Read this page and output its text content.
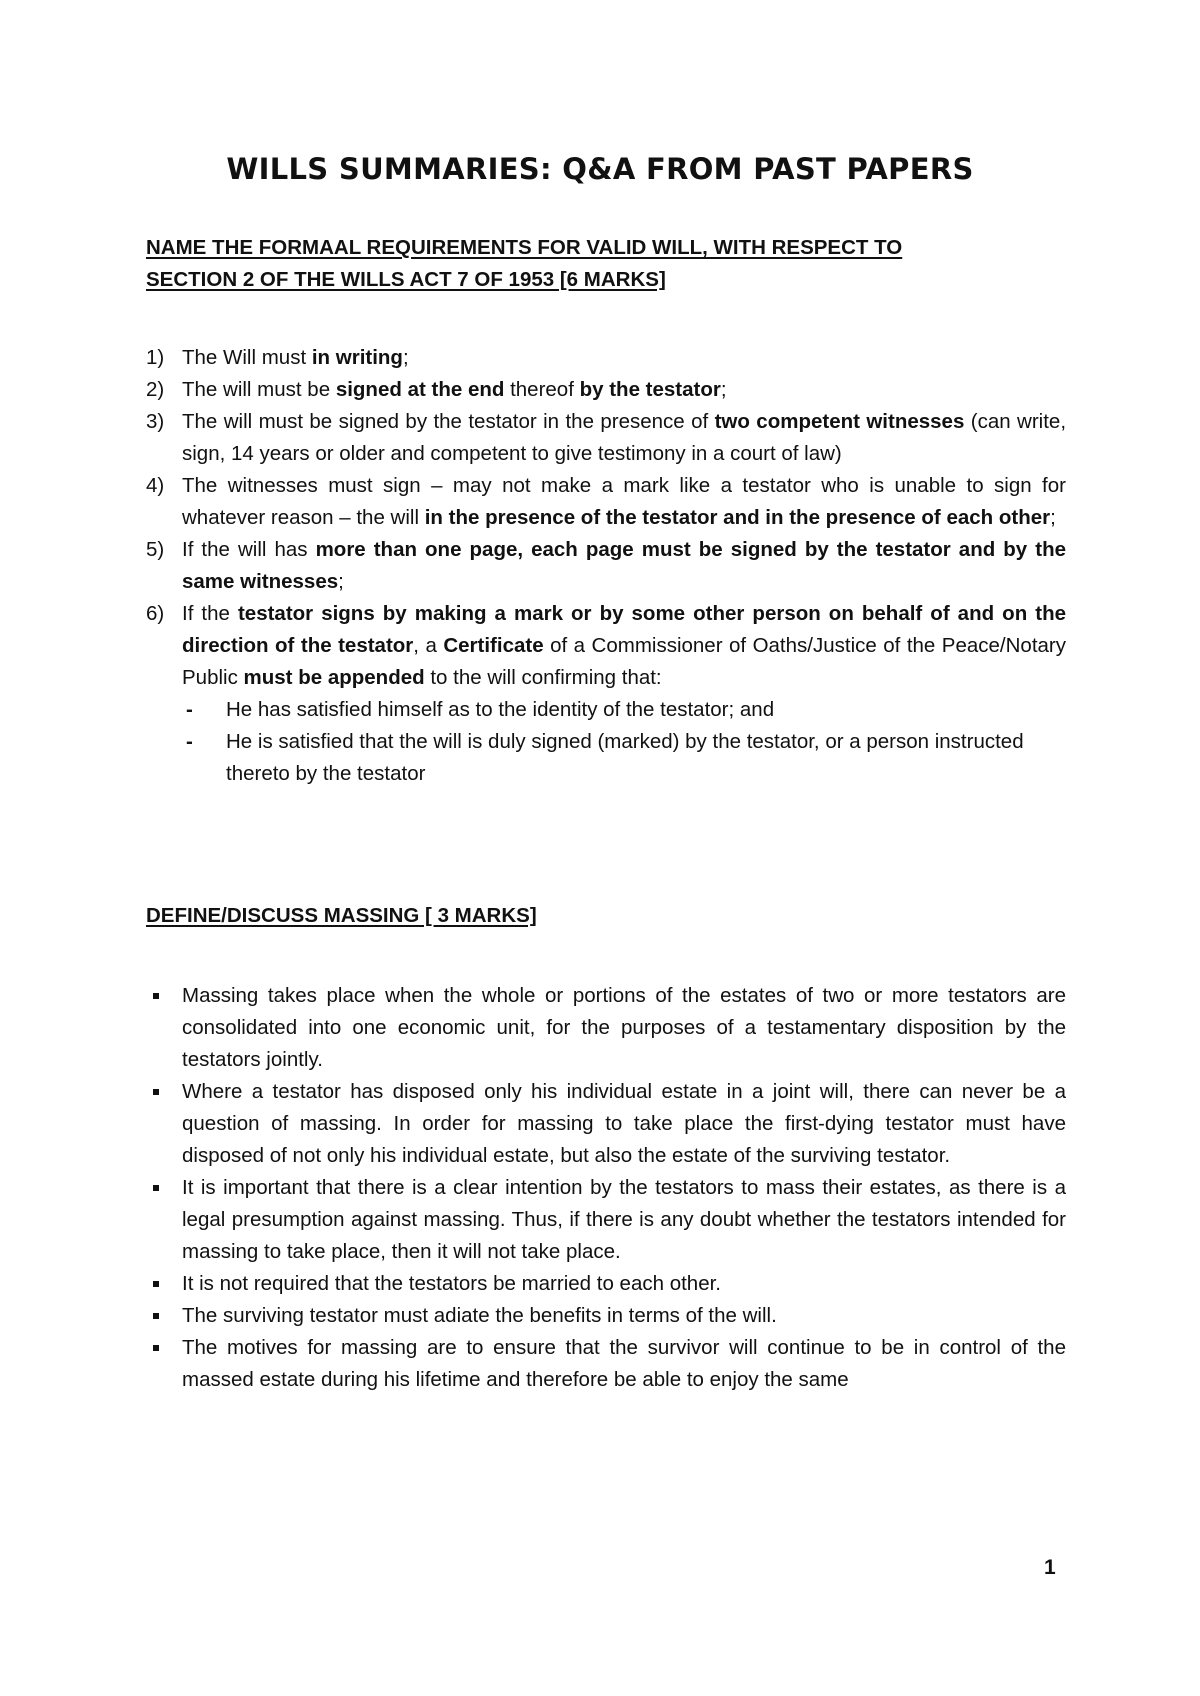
WILLS SUMMARIES: Q&A FROM PAST PAPERS
NAME THE FORMAAL REQUIREMENTS FOR VALID WILL, WITH RESPECT TO
SECTION 2 OF THE WILLS ACT 7 OF 1953 [6 MARKS]
1) The Will must in writing;
2) The will must be signed at the end thereof by the testator;
3) The will must be signed by the testator in the presence of two competent witnesses (can write, sign, 14 years or older and competent to give testimony in a court of law)
4) The witnesses must sign – may not make a mark like a testator who is unable to sign for whatever reason – the will in the presence of the testator and in the presence of each other;
5) If the will has more than one page, each page must be signed by the testator and by the same witnesses;
6) If the testator signs by making a mark or by some other person on behalf of and on the direction of the testator, a Certificate of a Commissioner of Oaths/Justice of the Peace/Notary Public must be appended to the will confirming that:
- He has satisfied himself as to the identity of the testator; and
- He is satisfied that the will is duly signed (marked) by the testator, or a person instructed thereto by the testator
DEFINE/DISCUSS MASSING [ 3 MARKS]
Massing takes place when the whole or portions of the estates of two or more testators are consolidated into one economic unit, for the purposes of a testamentary disposition by the testators jointly.
Where a testator has disposed only his individual estate in a joint will, there can never be a question of massing. In order for massing to take place the first-dying testator must have disposed of not only his individual estate, but also the estate of the surviving testator.
It is important that there is a clear intention by the testators to mass their estates, as there is a legal presumption against massing. Thus, if there is any doubt whether the testators intended for massing to take place, then it will not take place.
It is not required that the testators be married to each other.
The surviving testator must adiate the benefits in terms of the will.
The motives for massing are to ensure that the survivor will continue to be in control of the massed estate during his lifetime and therefore be able to enjoy the same
1
